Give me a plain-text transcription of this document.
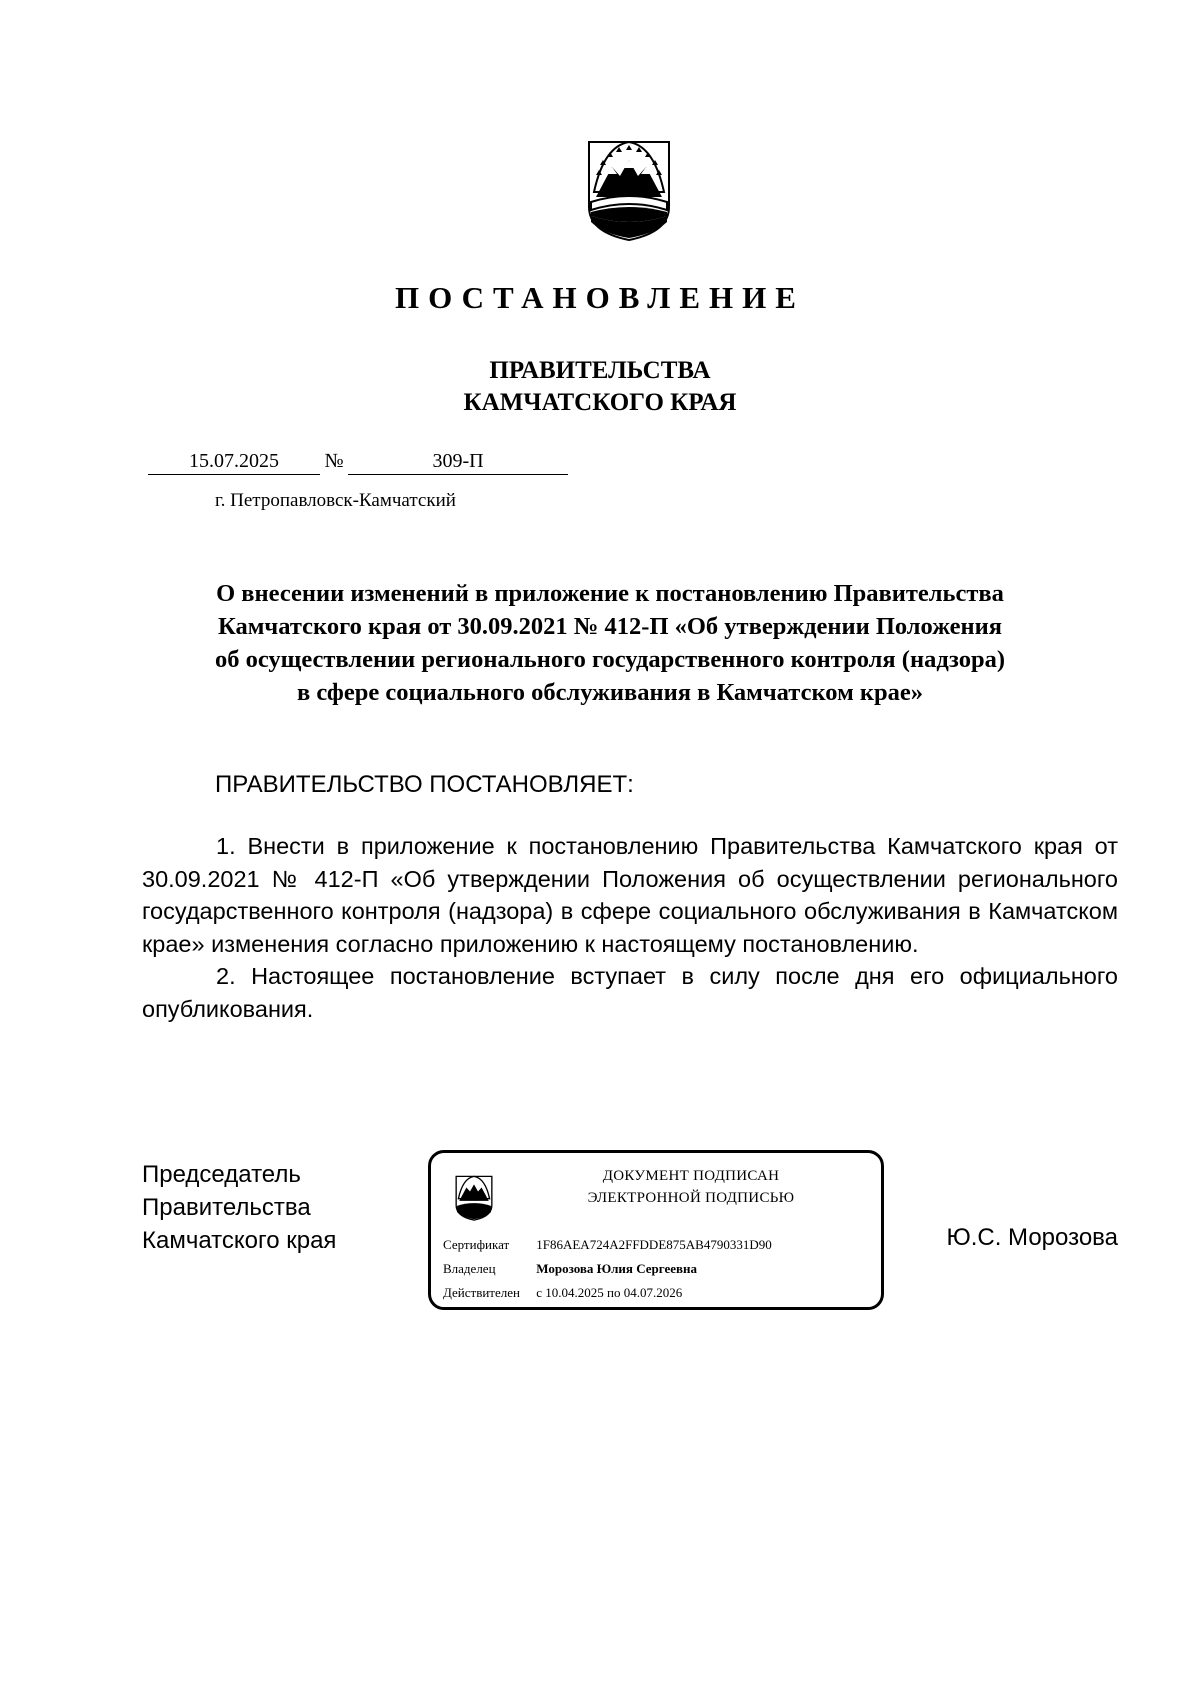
ПОСТАНОВЛЕНИЕ
ПРАВИТЕЛЬСТВА
КАМЧАТСКОГО КРАЯ
15.07.2025	№	309-П
г. Петропавловск-Камчатский
О внесении изменений в приложение к постановлению Правительства
Камчатского края от 30.09.2021 № 412-П «Об утверждении Положения
об осуществлении регионального государственного контроля (надзора)
в сфере социального обслуживания в Камчатском крае»
ПРАВИТЕЛЬСТВО ПОСТАНОВЛЯЕТ:

1. Внести в приложение к постановлению Правительства Камчатского края от 30.09.2021 № 412-П «Об утверждении Положения об осуществлении регионального государственного контроля (надзора) в сфере социального обслуживания в Камчатском крае» изменения согласно приложению к настоящему постановлению.

2. Настоящее постановление вступает в силу после дня его официального опубликования.

Председатель
Правительства
Камчатского края
ДОКУМЕНТ ПОДПИСАН
ЭЛЕКТРОННОЙ ПОДПИСЬЮ
Сертификат 1F86AEA724A2FFDDE875AB4790331D90
Владелец	Морозова Юлия Сергеевна
Действителен с 10.04.2025 по 04.07.2026
Ю.С. Морозова
